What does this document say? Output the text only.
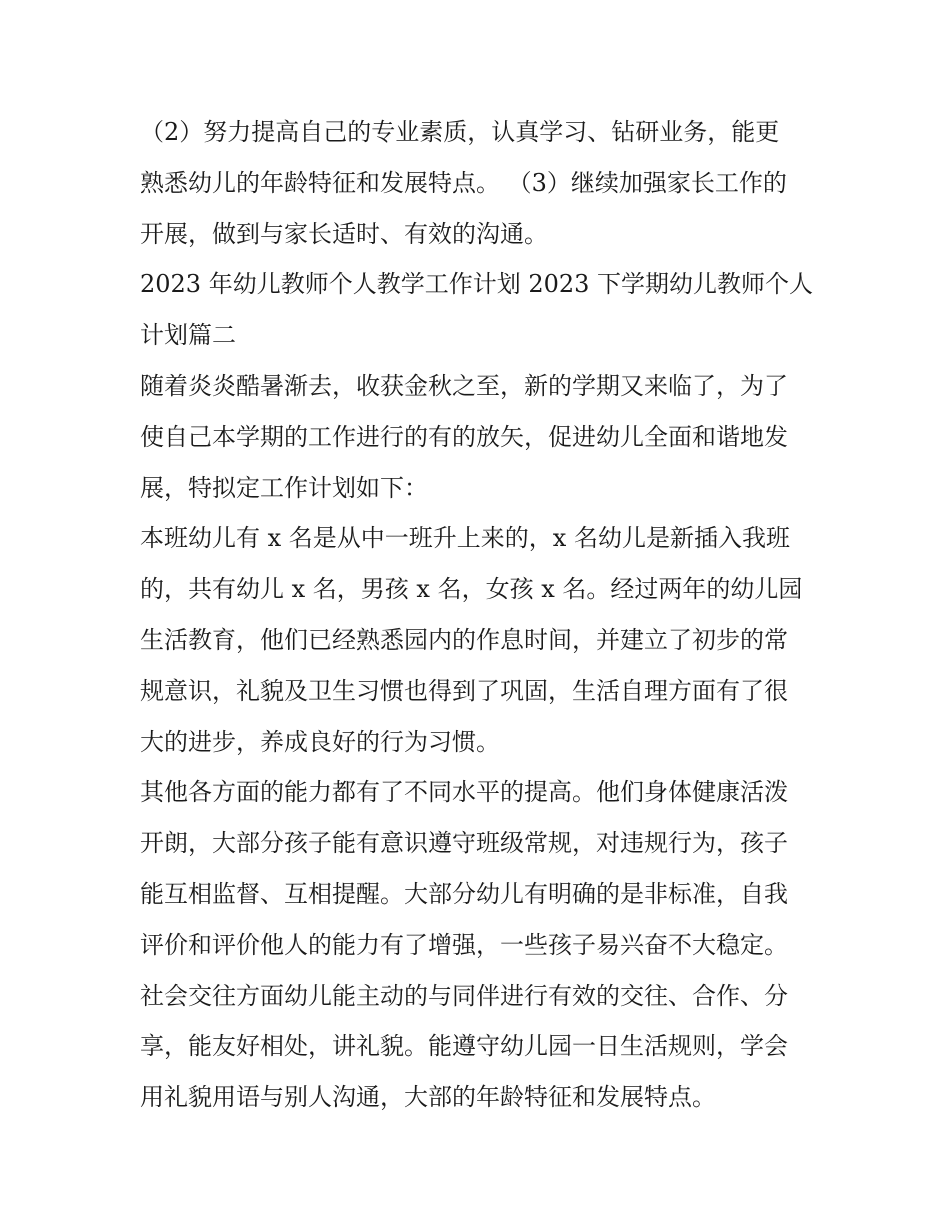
（2）努力提高自己的专业素质，认真学习、钻研业务，能更
熟悉幼儿的年龄特征和发展特点。 （3）继续加强家长工作的
开展，做到与家长适时、有效的沟通。
2023 年幼儿教师个人教学工作计划 2023 下学期幼儿教师个人
计划篇二
随着炎炎酷暑渐去，收获金秋之至，新的学期又来临了，为了
使自己本学期的工作进行的有的放矢，促进幼儿全面和谐地发
展，特拟定工作计划如下：
本班幼儿有 x 名是从中一班升上来的，x 名幼儿是新插入我班
的，共有幼儿 x 名，男孩 x 名，女孩 x 名。经过两年的幼儿园
生活教育，他们已经熟悉园内的作息时间，并建立了初步的常
规意识，礼貌及卫生习惯也得到了巩固，生活自理方面有了很
大的进步，养成良好的行为习惯。
其他各方面的能力都有了不同水平的提高。他们身体健康活泼
开朗，大部分孩子能有意识遵守班级常规，对违规行为，孩子
能互相监督、互相提醒。大部分幼儿有明确的是非标准，自我
评价和评价他人的能力有了增强，一些孩子易兴奋不大稳定。
社会交往方面幼儿能主动的与同伴进行有效的交往、合作、分
享，能友好相处，讲礼貌。能遵守幼儿园一日生活规则，学会
用礼貌用语与别人沟通，大部的年龄特征和发展特点。
